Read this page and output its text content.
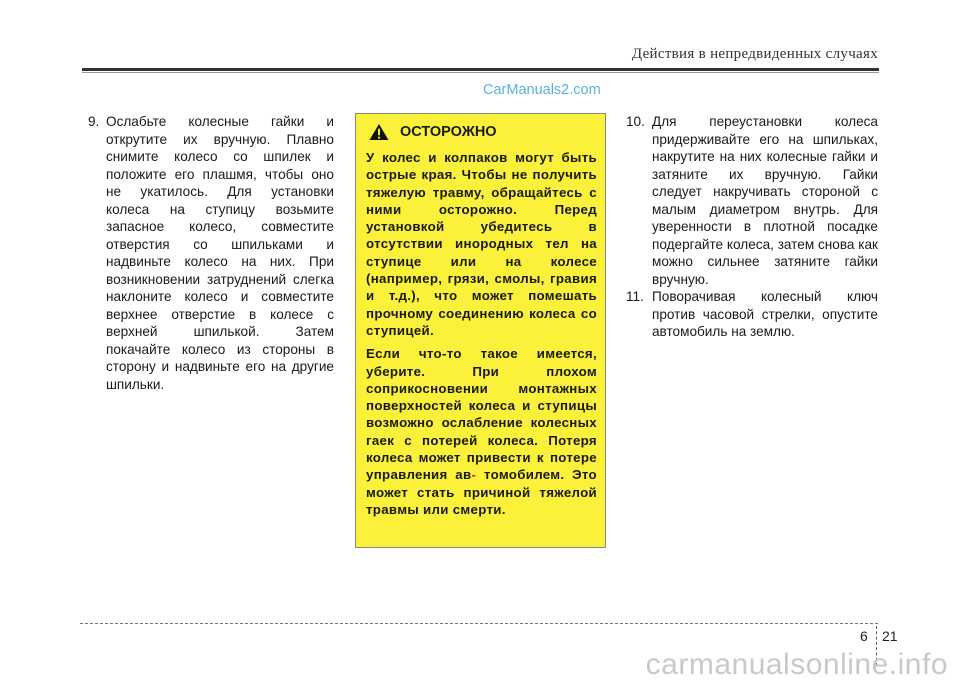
Действия в непредвиденных случаях
9. Ослабьте колесные гайки и открутите их вручную. Плавно снимите колесо со шпилек и положите его плашмя, чтобы оно не укатилось. Для установки колеса на ступицу возьмите запасное колесо, совместите отверстия со шпильками и надвиньте колесо на них. При возникновении затруднений слегка наклоните колесо и совместите верхнее отверстие в колесе с верхней шпилькой. Затем покачайте колесо из стороны в сторону и надвиньте его на другие шпильки.
ОСТОРОЖНО

У колес и колпаков могут быть острые края. Чтобы не получить тяжелую травму, обращайтесь с ними осторожно. Перед установкой убедитесь в отсутствии инородных тел на ступице или на колесе (например, грязи, смолы, гравия и т.д.), что может помешать прочному соединению колеса со ступицей.

Если что-то такое имеется, уберите. При плохом соприкосновении монтажных поверхностей колеса и ступицы возможно ослабление колесных гаек с потерей колеса. Потеря колеса может привести к потере управления ав- томобилем. Это может стать причиной тяжелой травмы или смерти.

CarManuals2.com
10. Для переустановки колеса придерживайте его на шпильках, накрутите на них колесные гайки и затяните их вручную. Гайки следует накручивать стороной с малым диаметром внутрь. Для уверенности в плотной посадке подергайте колеса, затем снова как можно сильнее затяните гайки вручную.
11. Поворачивая колесный ключ против часовой стрелки, опустите автомобиль на землю.
6 21
carmanualsonline.info
